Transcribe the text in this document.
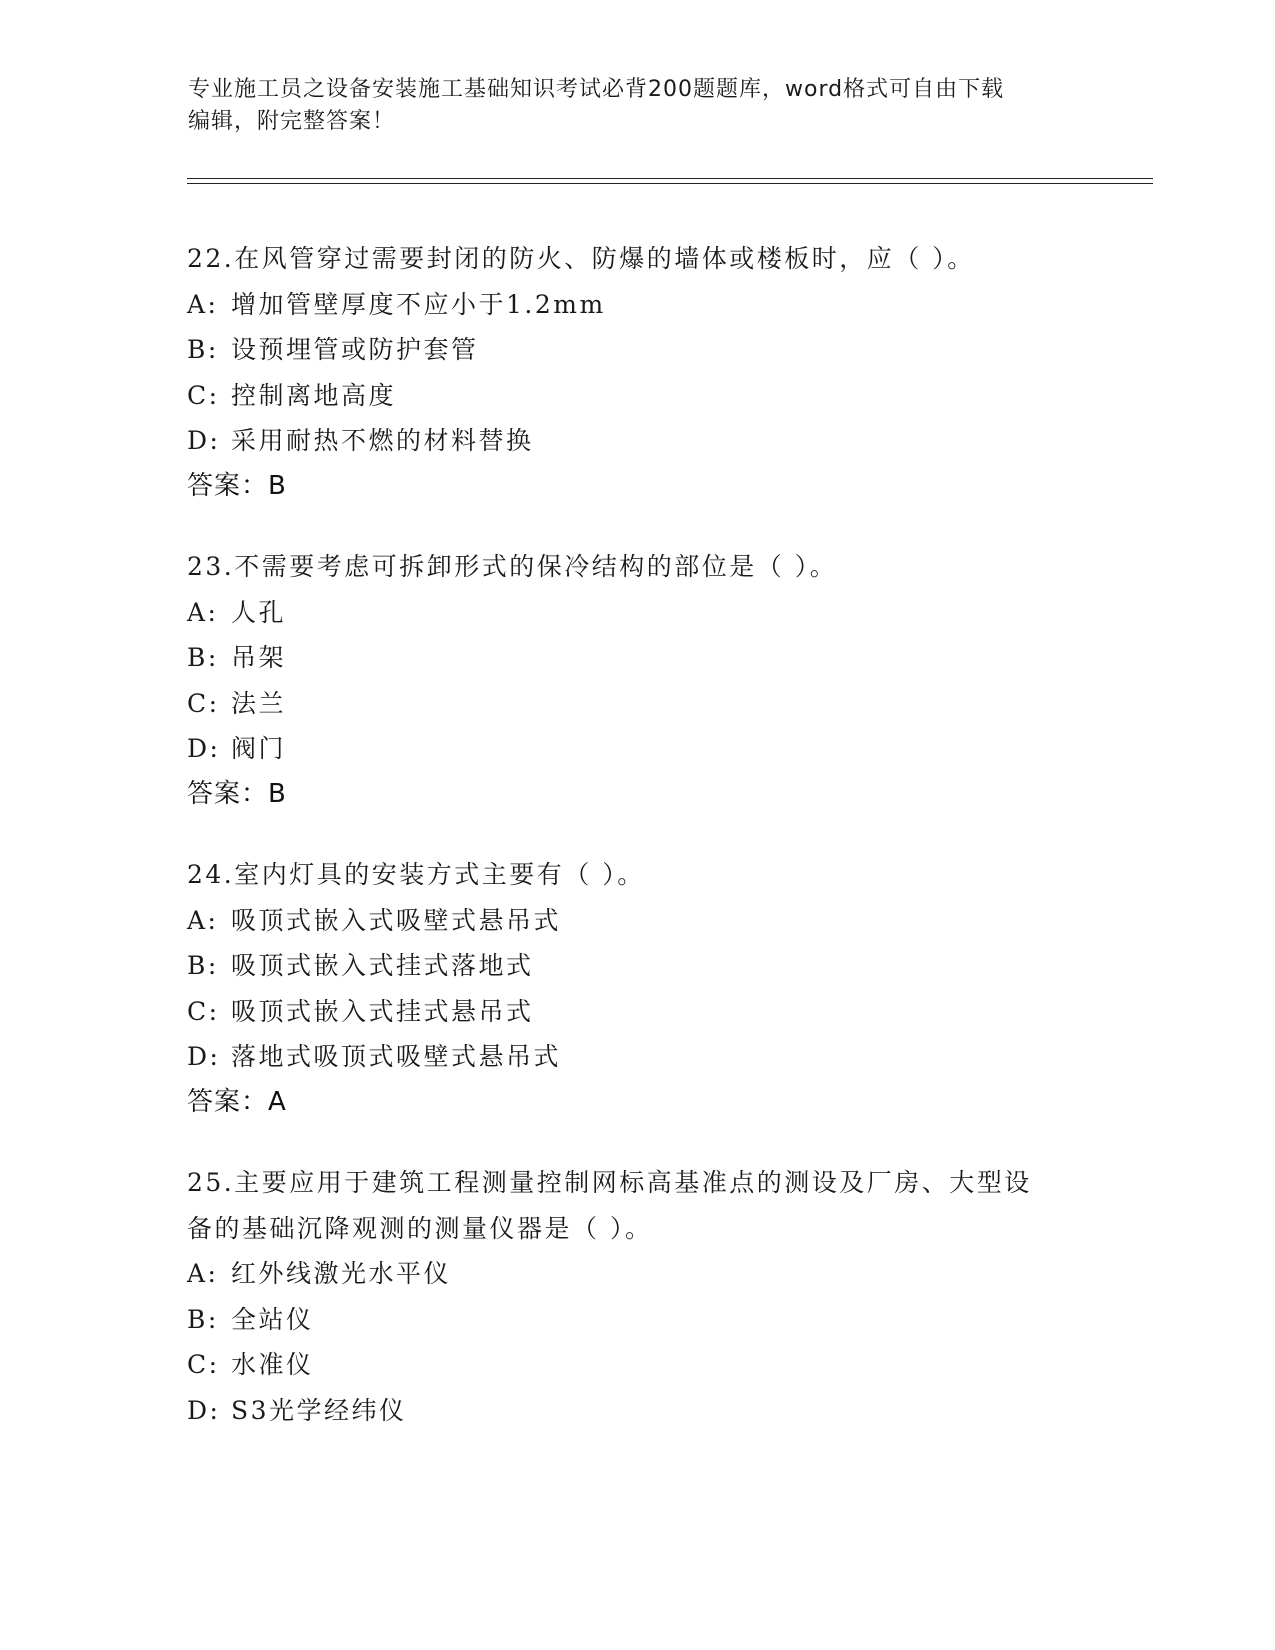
专业施工员之设备安装施工基础知识考试必背200题题库，word格式可自由下载
编辑，附完整答案！
22.在风管穿过需要封闭的防火、防爆的墙体或楼板时，应（ ）。
A: 增加管壁厚度不应小于1.2mm
B: 设预埋管或防护套管
C: 控制离地高度
D: 采用耐热不燃的材料替换
答案：B
23.不需要考虑可拆卸形式的保冷结构的部位是（ ）。
A: 人孔
B: 吊架
C: 法兰
D: 阀门
答案：B
24.室内灯具的安装方式主要有（ ）。
A: 吸顶式嵌入式吸壁式悬吊式
B: 吸顶式嵌入式挂式落地式
C: 吸顶式嵌入式挂式悬吊式
D: 落地式吸顶式吸壁式悬吊式
答案：A
25.主要应用于建筑工程测量控制网标高基准点的测设及厂房、大型设
备的基础沉降观测的测量仪器是（ ）。
A: 红外线激光水平仪
B: 全站仪
C: 水准仪
D: S3光学经纬仪
